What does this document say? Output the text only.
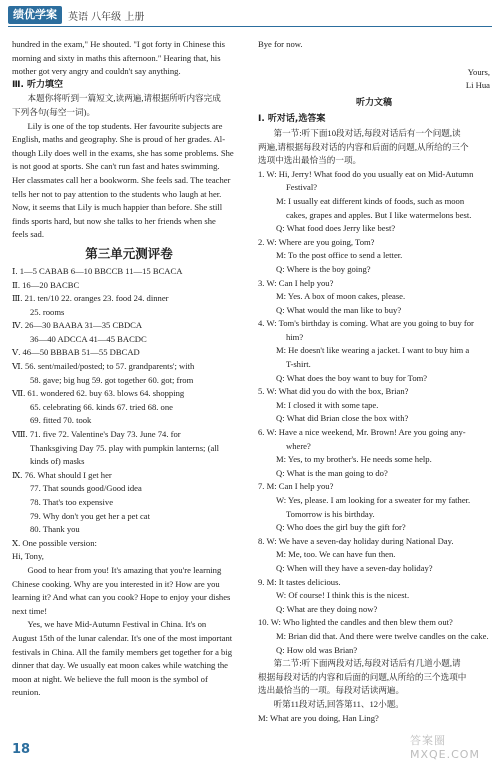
绩优学案	英语 八年级 上册

hundred in the exam," He shouted. "I got forty in Chinese this

morning and sixty in maths this afternoon." Hearing that, his

mother got very angry and couldn't say anything.

Ⅲ. 听力填空

本题你将听到一篇短文,读两遍,请根据所听内容完成

下列各句(每空一词)。

Lily is one of the top students. Her favourite subjects are

English, maths and geography. She is proud of her grades. Al-

though Lily does well in the exams, she has some problems. She

is not good at sports. She can't run fast and hates swimming.

Her classmates call her a bookworm. She feels sad. The teacher

tells her not to pay attention to the students who laugh at her.

Now, it seems that Lily is much happier than before. She still

finds sports hard, but now she talks to her friends when she

feels sad.

第三单元测评卷

Ⅰ. 1—5 CABAB 6—10 BBCCB 11—15 BCACA

Ⅱ. 16—20 BACBC

Ⅲ. 21. ten/10 22. oranges 23. food 24. dinner

25. rooms

Ⅳ. 26—30 BAABA 31—35 CBDCA

36—40 ADCCA 41—45 BACDC

Ⅴ. 46—50 BBBAB 51—55 DBCAD

Ⅵ. 56. sent/mailed/posted; to 57. grandparents'; with

58. gave; big hug 59. got together 60. got; from

Ⅶ. 61. wondered 62. buy 63. blows 64. shopping

65. celebrating 66. kinds 67. tried 68. one

69. fitted 70. took

Ⅷ. 71. five 72. Valentine's Day 73. June 74. for

Thanksgiving Day 75. play with pumpkin lanterns; (all

kinds of) masks

Ⅸ. 76. What should I get her

77. That sounds good/Good idea

78. That's too expensive

79. Why don't you get her a pet cat

80. Thank you

Ⅹ. One possible version:

Hi, Tony,

Good to hear from you! It's amazing that you're learning

Chinese cooking. Why are you interested in it? How are you

learning it? And what can you cook? Hope to enjoy your dishes

next time!

Yes, we have Mid-Autumn Festival in China. It's on

August 15th of the lunar calendar. It's one of the most important

festivals in China. All the family members get together for a big

dinner that day. We usually eat moon cakes while watching the

moon at night. We believe the full moon is the symbol of

reunion.

Bye for now.

Yours,

Li Hua

听力文稿

Ⅰ. 听对话,选答案

第一节:听下面10段对话,每段对话后有一个问题,读

两遍,请根据每段对话的内容和后面的问题,从所给的三个

选项中选出最恰当的一项。

1. W: Hi, Jerry! What food do you usually eat on Mid-Autumn

Festival?

M: I usually eat different kinds of foods, such as moon

cakes, grapes and apples. But I like watermelons best.

Q: What food does Jerry like best?

2. W: Where are you going, Tom?

M: To the post office to send a letter.

Q: Where is the boy going?

3. W: Can I help you?

M: Yes. A box of moon cakes, please.

Q: What would the man like to buy?

4. W: Tom's birthday is coming. What are you going to buy for

him?

M: He doesn't like wearing a jacket. I want to buy him a

T-shirt.

Q: What does the boy want to buy for Tom?

5. W: What did you do with the box, Brian?

M: I closed it with some tape.

Q: What did Brian close the box with?

6. W: Have a nice weekend, Mr. Brown! Are you going any-

where?

M: Yes, to my brother's. He needs some help.

Q: What is the man going to do?

7. M: Can I help you?

W: Yes, please. I am looking for a sweater for my father.

Tomorrow is his birthday.

Q: Who does the girl buy the gift for?

8. W: We have a seven-day holiday during National Day.

M: Me, too. We can have fun then.

Q: When will they have a seven-day holiday?

9. M: It tastes delicious.

W: Of course! I think this is the nicest.

Q: What are they doing now?

10. W: Who lighted the candles and then blew them out?

M: Brian did that. And there were twelve candles on the cake.

Q: How old was Brian?

第二节:听下面两段对话,每段对话后有几道小题,请

根据每段对话的内容和后面的问题,从所给的三个选项中

选出最恰当的一项。每段对话读两遍。

听第11段对话,回答第11、12小题。

M: What are you doing, Han Ling?

18
答案圈 MXQE.COM
